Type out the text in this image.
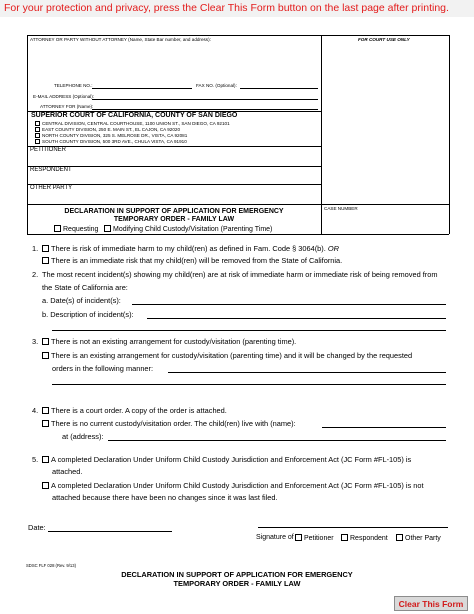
For your protection and privacy, press the Clear This Form button on the last page after printing.
ATTORNEY OR PARTY WITHOUT ATTORNEY (Name, State Bar number, and address):	FOR COURT USE ONLY
TELEPHONE NO.:	FAX NO. (Optional):
E-MAIL ADDRESS (Optional):
ATTORNEY FOR (Name):
SUPERIOR COURT OF CALIFORNIA, COUNTY OF SAN DIEGO
CENTRAL DIVISION, CENTRAL COURTHOUSE, 1100 UNION ST., SAN DIEGO, CA 92101
EAST COUNTY DIVISION, 250 E. MAIN ST., EL CAJON, CA 92020
NORTH COUNTY DIVISION, 325 S. MELROSE DR., VISTA, CA 92081
SOUTH COUNTY DIVISION, 500 3RD AVE., CHULA VISTA, CA 91910
PETITIONER
RESPONDENT
OTHER PARTY
DECLARATION IN SUPPORT OF APPLICATION FOR EMERGENCY
TEMPORARY ORDER - FAMILY LAW
Requesting	Modifying Child Custody/Visitation (Parenting Time)
CASE NUMBER
1.	There is risk of immediate harm to my child(ren) as defined in Fam. Code § 3064(b). OR
There is an immediate risk that my child(ren) will be removed from the State of California.
2. The most recent incident(s) showing my child(ren) are at risk of immediate harm or immediate risk of being removed from
the State of California are:
a. Date(s) of incident(s):
b. Description of incident(s):
3.	There is not an existing arrangement for custody/visitation (parenting time).
There is an existing arrangement for custody/visitation (parenting time) and it will be changed by the requested
orders in the following manner:
4.	There is a court order. A copy of the order is attached.
There is no current custody/visitation order. The child(ren) live with (name):
at (address):
5.	A completed Declaration Under Uniform Child Custody Jurisdiction and Enforcement Act (JC Form #FL-105) is
attached.
A completed Declaration Under Uniform Child Custody Jurisdiction and Enforcement Act (JC Form #FL-105) is not
attached because there have been no changes since it was last filed.
Date:
Signature of	Petitioner	Respondent	Other Party
SDSC FLF 028 (Rev. 9/13)
DECLARATION IN SUPPORT OF APPLICATION FOR EMERGENCY
TEMPORARY ORDER - FAMILY LAW
Clear This Form
